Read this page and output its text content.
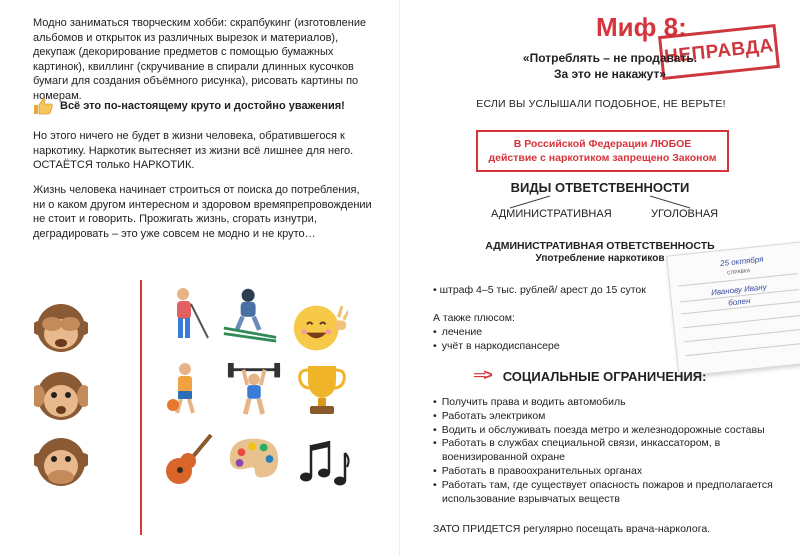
Модно заниматься творческим хобби: скрапбукинг (изготовление альбомов и открыток из различных вырезок и материалов), декупаж (декорирование предметов с помощью бумажных картинок), квиллинг (скручивание в спирали длинных кусочков бумаги для создания объёмного рисунка), рисовать картины по номерам.

Всё это по-настоящему круто и достойно уважения!

Но этого ничего не будет в жизни человека, обратившегося к наркотику. Наркотик вытесняет из жизни всё лишнее для него. ОСТАЁТСЯ только НАРКОТИК.

Жизнь человека начинает строиться от поиска до потребления, ни о каком другом интересном и здоровом времяпрепровождении не стоит и говорить. Прожигать жизнь, сгорать изнутри, деградировать – это уже совсем не модно и не круто…

Миф 8:
НЕПРАВДА
«Потреблять – не продавать.
За это не накажут»
ЕСЛИ ВЫ УСЛЫШАЛИ ПОДОБНОЕ, НЕ ВЕРЬТЕ!
В Российской Федерации ЛЮБОЕ
действие с наркотиком запрещено Законом
ВИДЫ ОТВЕТСТВЕННОСТИ
АДМИНИСТРАТИВНАЯ	УГОЛОВНАЯ
АДМИНИСТРАТИВНАЯ ОТВЕТСТВЕННОСТЬ
Употребление наркотиков
• штраф 4–5 тыс. рублей/ арест до 15 суток
А также плюсом:
• лечение
• учёт в наркодиспансере
25 октября
СПРАВКА
Иванову Ивану
болен
═> СОЦИАЛЬНЫЕ ОГРАНИЧЕНИЯ:
• Получить права и водить автомобиль
• Работать электриком
• Водить и обслуживать поезда метро и железнодорожные составы
• Работать в службах специальной связи, инкассатором, в военизированной охране
• Работать в правоохранительных органах
• Работать там, где существует опасность пожаров и предполагается использование взрывчатых веществ
ЗАТО ПРИДЕТСЯ регулярно посещать врача-нарколога.
